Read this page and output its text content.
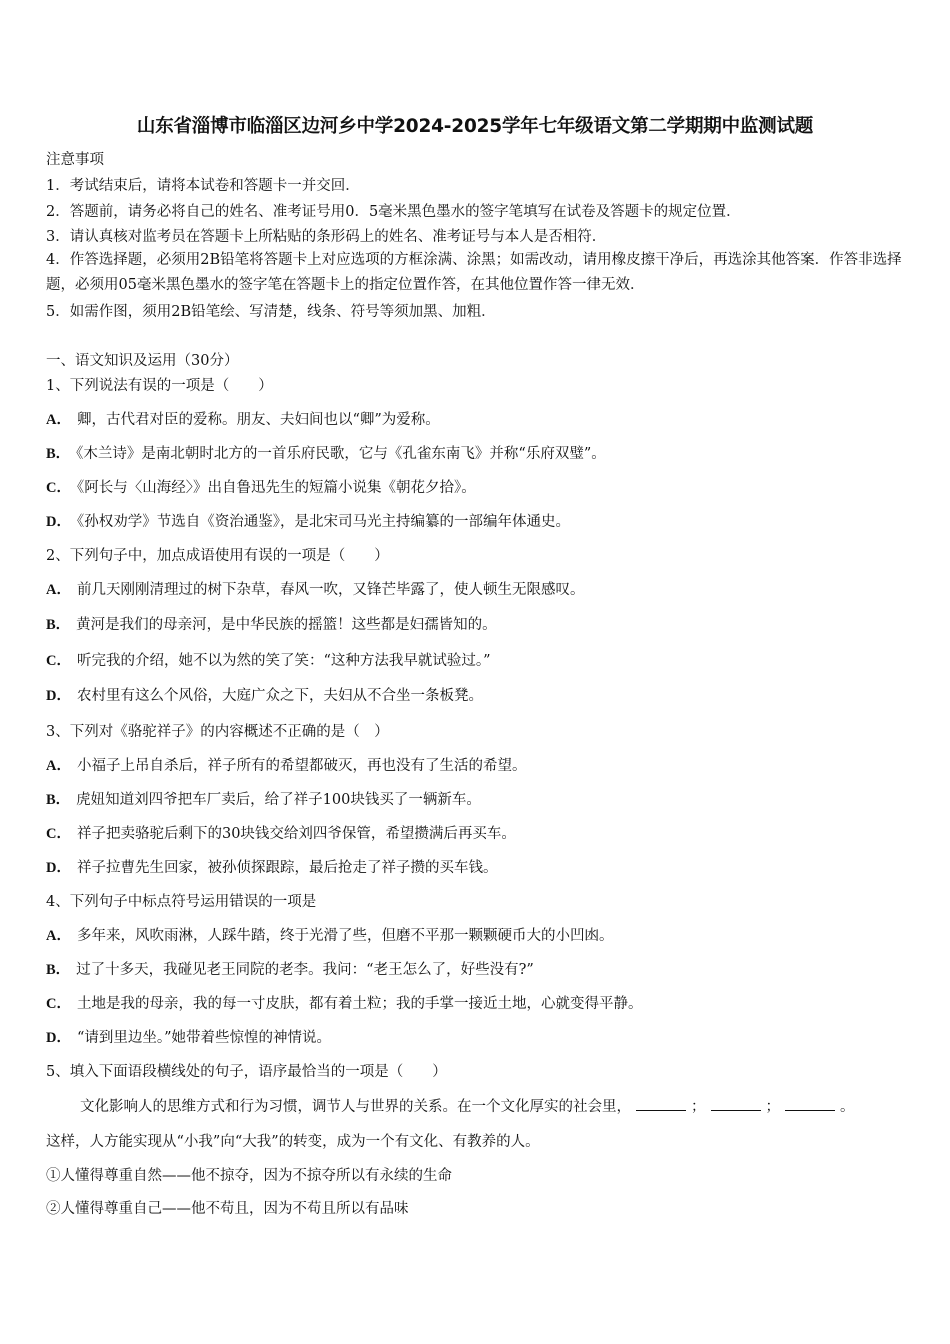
山东省淄博市临淄区边河乡中学2024-2025学年七年级语文第二学期期中监测试题
注意事项
1．考试结束后，请将本试卷和答题卡一并交回．
2．答题前，请务必将自己的姓名、准考证号用0．5毫米黑色墨水的签字笔填写在试卷及答题卡的规定位置．
3．请认真核对监考员在答题卡上所粘贴的条形码上的姓名、准考证号与本人是否相符．
4．作答选择题，必须用2B铅笔将答题卡上对应选项的方框涂满、涂黑；如需改动，请用橡皮擦干净后，再选涂其他答案．作答非选择题，必须用05毫米黑色墨水的签字笔在答题卡上的指定位置作答，在其他位置作答一律无效．
5．如需作图，须用2B铅笔绘、写清楚，线条、符号等须加黑、加粗．
一、语文知识及运用（30分）
1、下列说法有误的一项是（　　）
A． 卿，古代君对臣的爱称。朋友、夫妇间也以“卿”为爱称。
B． 《木兰诗》是南北朝时北方的一首乐府民歌，它与《孔雀东南飞》并称“乐府双璧”。
C． 《阿长与〈山海经〉》出自鲁迅先生的短篇小说集《朝花夕拾》。
D． 《孙权劝学》节选自《资治通鉴》，是北宋司马光主持编纂的一部编年体通史。
2、下列句子中，加点成语使用有误的一项是（　　）
A． 前几天刚刚清理过的树下杂草，春风一吹，又锋芒毕露了，使人顿生无限感叹。
B． 黄河是我们的母亲河，是中华民族的摇篮！这些都是妇孺皆知的。
C． 听完我的介绍，她不以为然的笑了笑：“这种方法我早就试验过。”
D． 农村里有这么个风俗，大庭广众之下，夫妇从不合坐一条板凳。
3、下列对《骆驼祥子》的内容概述不正确的是（　）
A． 小福子上吊自杀后，祥子所有的希望都破灭，再也没有了生活的希望。
B． 虎妞知道刘四爷把车厂卖后，给了祥子100块钱买了一辆新车。
C． 祥子把卖骆驼后剩下的30块钱交给刘四爷保管，希望攒满后再买车。
D． 祥子拉曹先生回家，被孙侦探跟踪，最后抢走了祥子攒的买车钱。
4、下列句子中标点符号运用错误的一项是
A． 多年来，风吹雨淋，人踩牛踏，终于光滑了些，但磨不平那一颗颗硬币大的小凹凼。
B． 过了十多天，我碰见老王同院的老李。我问：“老王怎么了，好些没有?”
C． 土地是我的母亲，我的每一寸皮肤，都有着土粒；我的手掌一接近土地，心就变得平静。
D． “请到里边坐。”她带着些惊惶的神情说。
5、填入下面语段横线处的句子，语序最恰当的一项是（　　）
文化影响人的思维方式和行为习惯，调节人与世界的关系。在一个文化厚实的社会里，	；	；	。
这样，人方能实现从“小我”向“大我”的转变，成为一个有文化、有教养的人。
①人懂得尊重自然——他不掠夺，因为不掠夺所以有永续的生命
②人懂得尊重自己——他不苟且，因为不苟且所以有品味
